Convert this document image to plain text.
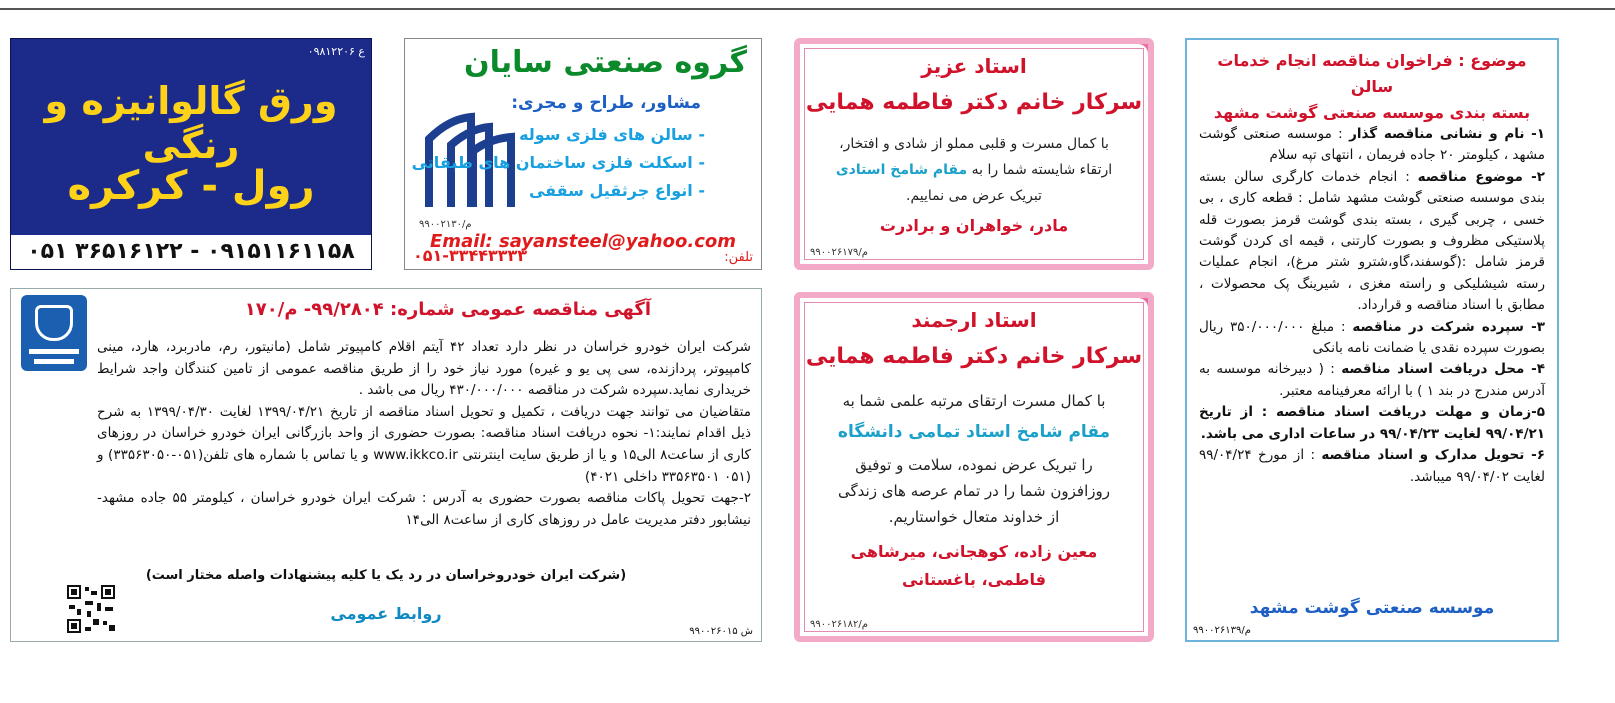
۰۹۸۱۲۲۰۶ ع
ورق گالوانیزه و رنگی
رول - کرکره
۰۵۱ ۳۶۵۱۶۱۲۲ - ۰۹۱۵۱۱۶۱۱۵۸
گروه صنعتی سایان
مشاور، طراح و مجری:
- سالن های فلزی سوله
- اسکلت فلزی ساختمان های طبقاتی
- انواع جرثقیل سقفی
۹۹۰۰۲۱۳۰/م
Email: sayansteel@yahoo.com
۰۵۱-۳۳۴۴۳۳۳۳	تلفن:
استاد عزیز
سرکار خانم دکتر فاطمه همایی
با کمال مسرت و قلبی مملو از شادی و افتخار،
ارتقاء شایسته شما را به مقام شامخ استادی
تبریک عرض می نماییم.
مادر، خواهران و برادرت
۹۹۰۰۲۶۱۷۹/م
استاد ارجمند
سرکار خانم دکتر فاطمه همایی
با کمال مسرت ارتقای مرتبه علمی شما به
مقام شامخ استاد تمامی دانشگاه
را تبریک عرض نموده، سلامت و توفیق
روزافزون شما را در تمام عرصه های زندگی
از خداوند متعال خواستاریم.
معین زاده، کوهجانی، میرشاهی
فاطمی، باغستانی
۹۹۰۰۲۶۱۸۲/م
موضوع : فراخوان مناقصه انجام خدمات سالن
بسته بندی موسسه صنعتی گوشت مشهد
۱- نام و نشانی مناقصه گذار : موسسه صنعتی گوشت مشهد ، کیلومتر ۲۰ جاده فریمان ، انتهای تپه سلام
۲- موضوع مناقصه : انجام خدمات کارگری سالن بسته بندی موسسه صنعتی گوشت مشهد شامل : قطعه کاری ، بی خسی ، چربی گیری ، بسته بندی گوشت قرمز بصورت قله پلاستیکی مظروف و بصورت کارتنی ، قیمه ای کردن گوشت قرمز شامل :(گوسفند،گاو،شترو شتر مرغ)، انجام عملیات رسته شیشلیکی و راسته مغزی ، شیرینگ پک محصولات ، مطابق با اسناد مناقصه و قرارداد.
۳- سپرده شرکت در مناقصه : مبلغ ۳۵۰/۰۰۰/۰۰۰ ریال بصورت سپرده نقدی یا ضمانت نامه بانکی
۴- محل دریافت اسناد مناقصه : ( دبیرخانه موسسه به آدرس مندرج در بند ۱ ) با ارائه معرفینامه معتبر.
۵-زمان و مهلت دریافت اسناد مناقصه : از تاریخ ۹۹/۰۴/۲۱ لغایت ۹۹/۰۴/۲۳ در ساعات اداری می باشد.
۶- تحویل مدارک و اسناد مناقصه : از مورخ ۹۹/۰۴/۲۴ لغایت ۹۹/۰۴/۰۲ میباشد.
موسسه صنعتی گوشت مشهد
۹۹۰۰۲۶۱۳۹/م
آگهی مناقصه عمومی شماره: ۹۹/۲۸۰۴- م/۱۷۰
شرکت ایران خودرو خراسان در نظر دارد تعداد ۴۲ آیتم اقلام کامپیوتر شامل (مانیتور، رم، مادربرد، هارد، مینی کامپیوتر، پردازنده، سی پی یو و غیره) مورد نیاز خود را از طریق مناقصه عمومی از تامین کنندگان واجد شرایط خریداری نماید.سپرده شرکت در مناقصه ۴۳۰/۰۰۰/۰۰۰ ریال می باشد .
متقاضیان می توانند جهت دریافت ، تکمیل و تحویل اسناد مناقصه از تاریخ ۱۳۹۹/۰۴/۲۱ لغایت ۱۳۹۹/۰۴/۳۰ به شرح ذیل اقدام نمایند:۱- نحوه دریافت اسناد مناقصه: بصورت حضوری از واحد بازرگانی ایران خودرو خراسان در روزهای کاری از ساعت۸ الی۱۵ و یا از طریق سایت اینترنتی www.ikkco.ir و یا تماس با شماره های تلفن(۰۵۱-۳۳۵۶۳۰۵۰) و (۰۵۱ ۳۳۵۶۳۵۰۱ داخلی ۴۰۲۱)
۲-جهت تحویل پاکات مناقصه بصورت حضوری به آدرس : شرکت ایران خودرو خراسان ، کیلومتر ۵۵ جاده مشهد-نیشابور دفتر مدیریت عامل در روزهای کاری از ساعت۸ الی۱۴
(شرکت ایران خودروخراسان در رد یک یا کلیه پیشنهادات واصله مختار است)
روابط عمومی
۹۹۰۰۲۶۰۱۵ ش
